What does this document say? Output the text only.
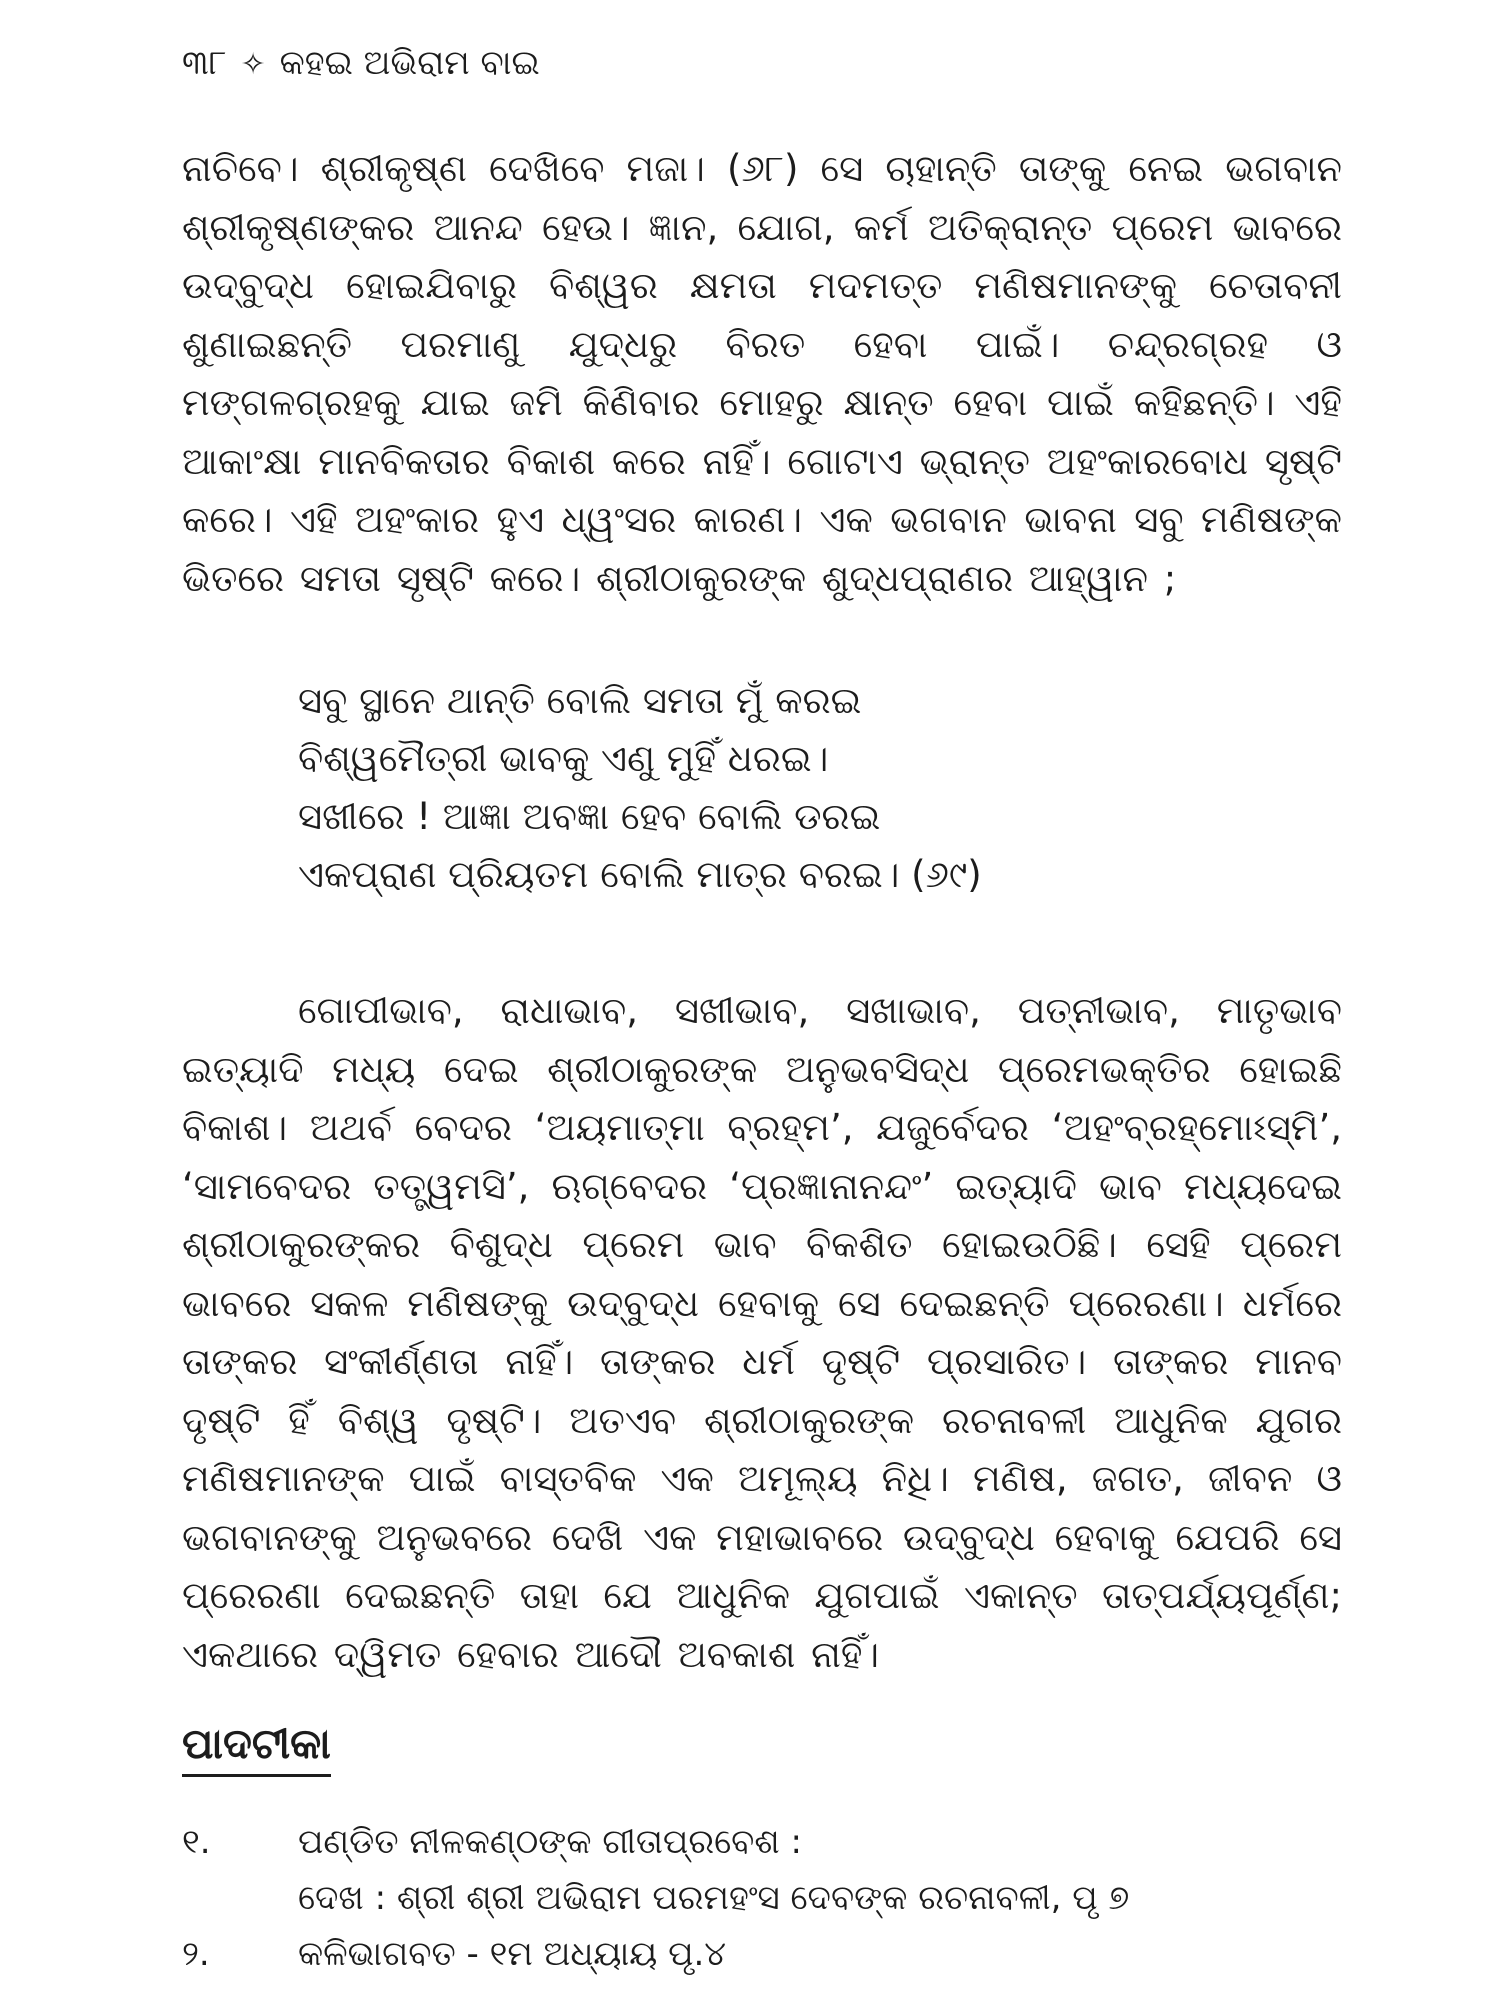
୩୮ ✧ କହଇ ଅଭିରାମ ବାଇ

ନାଚିବେ। ଶ୍ରୀକୃଷ୍ଣ ଦେଖିବେ ମଜା। (୬୮) ସେ ଚାହାନ୍ତି ତାଙ୍କୁ ନେଇ ଭଗବାନ ଶ୍ରୀକୃଷ୍ଣଙ୍କର ଆନନ୍ଦ ହେଉ। ଜ୍ଞାନ, ଯୋଗ, କର୍ମ ଅତିକ୍ରାନ୍ତ ପ୍ରେମ ଭାବରେ ଉଦ୍‌ବୁଦ୍ଧ ହୋଇଯିବାରୁ ବିଶ୍ୱର କ୍ଷମତା ମଦମତ୍ତ ମଣିଷମାନଙ୍କୁ ଚେତାବନୀ ଶୁଣାଇଛନ୍ତି ପରମାଣୁ ଯୁଦ୍ଧରୁ ବିରତ ହେବା ପାଇଁ। ଚନ୍ଦ୍ରଗ୍ରହ ଓ ମଙ୍ଗଳଗ୍ରହକୁ ଯାଇ ଜମି କିଣିବାର ମୋହରୁ କ୍ଷାନ୍ତ ହେବା ପାଇଁ କହିଛନ୍ତି। ଏହି ଆକାଂକ୍ଷା ମାନବିକତାର ବିକାଶ କରେ ନାହିଁ। ଗୋଟାଏ ଭ୍ରାନ୍ତ ଅହଂକାରବୋଧ ସୃଷ୍ଟି କରେ। ଏହି ଅହଂକାର ହୁଏ ଧ୍ୱଂସର କାରଣ। ଏକ ଭଗବାନ ଭାବନା ସବୁ ମଣିଷଙ୍କ ଭିତରେ ସମତା ସୃଷ୍ଟି କରେ। ଶ୍ରୀଠାକୁରଙ୍କ ଶୁଦ୍ଧପ୍ରାଣର ଆହ୍ୱାନ ;

ସବୁ ସ୍ଥାନେ ଥାନ୍ତି ବୋଲି ସମତା ମୁଁ କରଇ

ବିଶ୍ୱମୈତ୍ରୀ ଭାବକୁ ଏଣୁ ମୁହିଁ ଧରଇ।

ସଖୀରେ ! ଆଜ୍ଞା ଅବଜ୍ଞା ହେବ ବୋଲି ଡରଇ

ଏକପ୍ରାଣ ପ୍ରିୟତମ ବୋଲି ମାତ୍ର ବରଇ। (୬୯)

ଗୋପୀଭାବ, ରାଧାଭାବ, ସଖୀଭାବ, ସଖାଭାବ, ପତ୍ନୀଭାବ, ମାତୃଭାବ ଇତ୍ୟାଦି ମଧ୍ୟ ଦେଇ ଶ୍ରୀଠାକୁରଙ୍କ ଅନୁଭବସିଦ୍ଧ ପ୍ରେମଭକ୍ତିର ହୋଇଛି ବିକାଶ। ଅଥର୍ବ ବେଦର ‘ଅୟମାତ୍ମା ବ୍ରହ୍ମ’, ଯଜୁର୍ବେଦର ‘ଅହଂବ୍ରହ୍ମୋଽସ୍ମି’, ‘ସାମବେଦର ତତ୍ତ୍ୱମସି’, ଋଗ୍‌ବେଦର ‘ପ୍ରଜ୍ଞାନାନନ୍ଦଂ’ ଇତ୍ୟାଦି ଭାବ ମଧ୍ୟଦେଇ ଶ୍ରୀଠାକୁରଙ୍କର ବିଶୁଦ୍ଧ ପ୍ରେମ ଭାବ ବିକଶିତ ହୋଇଉଠିଛି। ସେହି ପ୍ରେମ ଭାବରେ ସକଳ ମଣିଷଙ୍କୁ ଉଦ୍‌ବୁଦ୍ଧ ହେବାକୁ ସେ ଦେଇଛନ୍ତି ପ୍ରେରଣା। ଧର୍ମରେ ତାଙ୍କର ସଂକୀର୍ଣ୍ଣତା ନାହିଁ। ତାଙ୍କର ଧର୍ମ ଦୃଷ୍ଟି ପ୍ରସାରିତ। ତାଙ୍କର ମାନବ ଦୃଷ୍ଟି ହିଁ ବିଶ୍ୱ ଦୃଷ୍ଟି। ଅତଏବ ଶ୍ରୀଠାକୁରଙ୍କ ରଚନାବଳୀ ଆଧୁନିକ ଯୁଗର ମଣିଷମାନଙ୍କ ପାଇଁ ବାସ୍ତବିକ ଏକ ଅମୂଲ୍ୟ ନିଧି। ମଣିଷ, ଜଗତ, ଜୀବନ ଓ ଭଗବାନଙ୍କୁ ଅନୁଭବରେ ଦେଖି ଏକ ମହାଭାବରେ ଉଦ୍‌ବୁଦ୍ଧ ହେବାକୁ ଯେପରି ସେ ପ୍ରେରଣା ଦେଇଛନ୍ତି ତାହା ଯେ ଆଧୁନିକ ଯୁଗପାଇଁ ଏକାନ୍ତ ତାତ୍ପର୍ଯ୍ୟପୂର୍ଣ୍ଣ; ଏକଥାରେ ଦ୍ୱିମତ ହେବାର ଆଦୌ ଅବକାଶ ନାହିଁ।

ପାଦଟୀକା
୧.	ପଣ୍ଡିତ ନୀଳକଣ୍ଠଙ୍କ ଗୀତାପ୍ରବେଶ :
ଦେଖ : ଶ୍ରୀ ଶ୍ରୀ ଅଭିରାମ ପରମହଂସ ଦେବଙ୍କ ରଚନାବଳୀ, ପୃ ୭
୨.	କଳିଭାଗବତ - ୧ମ ଅଧ୍ୟାୟ ପୃ.୪
